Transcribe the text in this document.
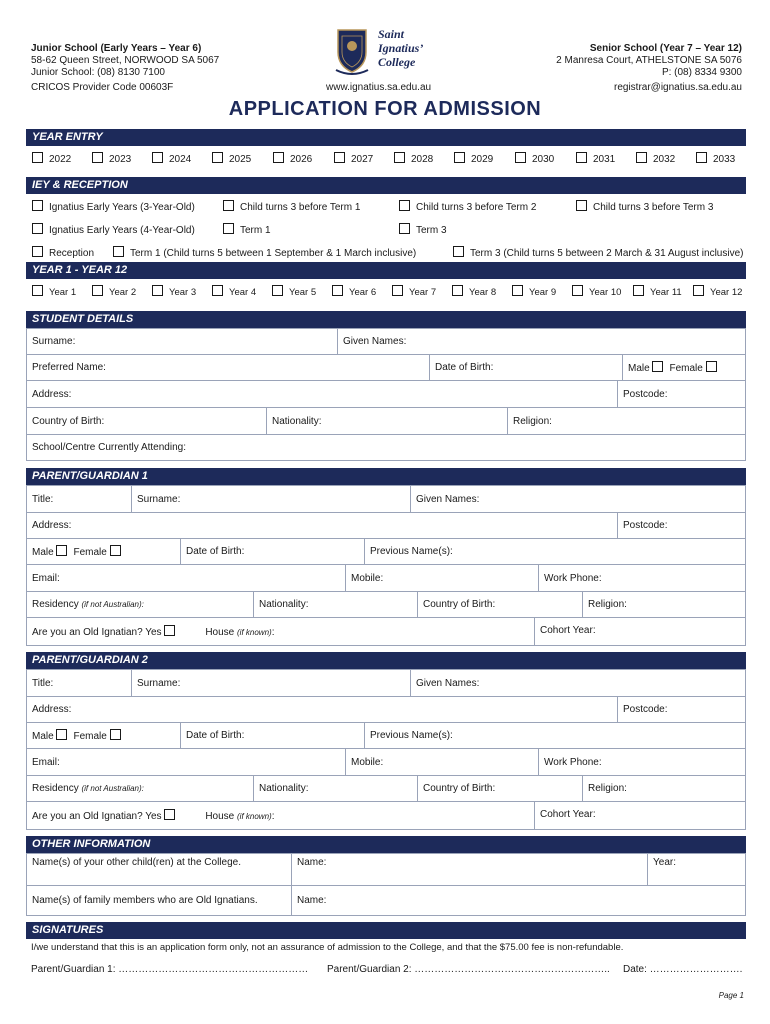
Junior School (Early Years – Year 6)
58-62 Queen Street, NORWOOD SA 5067
Junior School: (08) 8130 7100
CRICOS Provider Code 00603F
Saint
Ignatius’
College
www.ignatius.sa.edu.au
Senior School (Year 7 – Year 12)
2 Manresa Court, ATHELSTONE SA 5076
P: (08) 8334 9300
registrar@ignatius.sa.edu.au
APPLICATION FOR ADMISSION
YEAR ENTRY
2022	2023	2024	2025	2026	2027	2028	2029	2030	2031	2032	2033
IEY & RECEPTION
Ignatius Early Years (3-Year-Old)	Child turns 3 before Term 1	Child turns 3 before Term 2	Child turns 3 before Term 3
Ignatius Early Years (4-Year-Old)	Term 1	Term 3
Reception	Term 1 (Child turns 5 between 1 September & 1 March inclusive)	Term 3 (Child turns 5 between 2 March & 31 August inclusive)
YEAR 1 - YEAR 12
Year 1	Year 2	Year 3	Year 4	Year 5	Year 6	Year 7	Year 8	Year 9	Year 10	Year 11	Year 12
STUDENT DETAILS
Surname:	Given Names:
Preferred Name:	Date of Birth:	Male Female
Address:	Postcode:
Country of Birth:	Nationality:	Religion:
School/Centre Currently Attending:
PARENT/GUARDIAN 1
Title:	Surname:	Given Names:
Address:	Postcode:
Male Female	Date of Birth:	Previous Name(s):
Email:	Mobile:	Work Phone:
Residency (if not Australian):	Nationality:	Country of Birth:	Religion:
Are you an Old Ignatian? Yes	House (if known):	Cohort Year:
PARENT/GUARDIAN 2
Title:	Surname:	Given Names:
Address:	Postcode:
Male Female	Date of Birth:	Previous Name(s):
Email:	Mobile:	Work Phone:
Residency (if not Australian):	Nationality:	Country of Birth:	Religion:
Are you an Old Ignatian? Yes	House (if known):	Cohort Year:
OTHER INFORMATION
Name(s) of your other child(ren) at the College.	Name:	Year:
Name(s) of family members who are Old Ignatians.	Name:	
SIGNATURES
I/we understand that this is an application form only, not an assurance of admission to the College, and that the $75.00 fee is non-refundable.
Parent/Guardian 1: ………………………………………………… Parent/Guardian 2: ………………………………………………….. Date: ……………………….
Page 1
